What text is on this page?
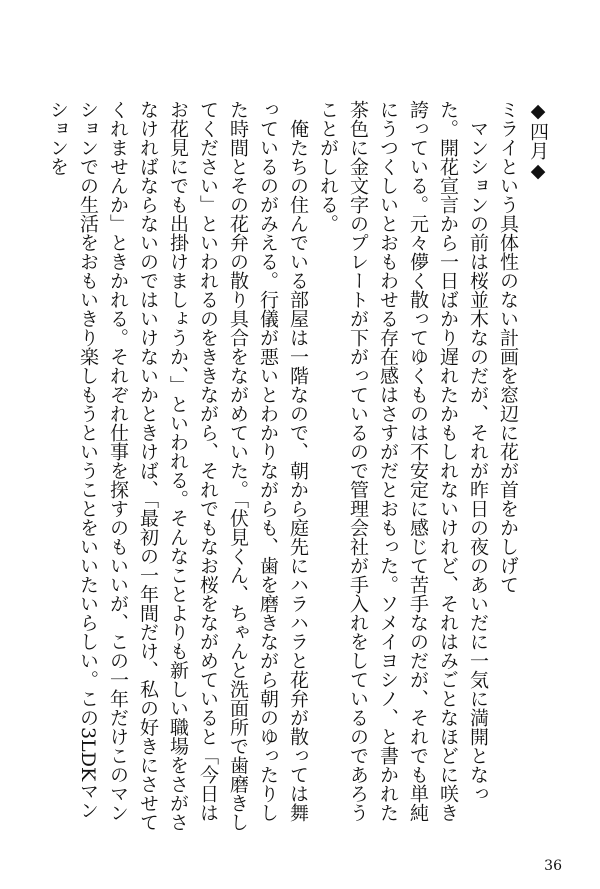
◆四月◆

ミライという具体性のない計画を窓辺に花が首をかしげて

マンションの前は桜並木なのだが、それが昨日の夜のあいだに一気に満開となった。開花宣言から一日ばかり遅れたかもしれないけれど、それはみごとなほどに咲き誇っている。元々儚く散ってゆくものは不安定に感じて苦手なのだが、それでも単純にうつくしいとおもわせる存在感はさすがだとおもった。ソメイヨシノ、と書かれた茶色に金文字のプレートが下がっているので管理会社が手入れをしているのであろうことがしれる。

俺たちの住んでいる部屋は一階なので、朝から庭先にハラハラと花弁が散っては舞っているのがみえる。行儀が悪いとわかりながらも、歯を磨きながら朝のゆったりした時間とその花弁の散り具合をながめていた。「伏見くん、ちゃんと洗面所で歯磨きしてください」といわれるのをききながら、それでもなお桜をながめていると「今日はお花見にでも出掛けましょうか、」といわれる。そんなことよりも新しい職場をさがさなければならないのではいけないかときけば、「最初の一年間だけ、私の好きにさせてくれませんか」ときかれる。それぞれ仕事を探すのもいいが、この一年だけこのマンションでの生活をおもいきり楽しもうということをいいたいらしい。この3LDKマンションを

36
